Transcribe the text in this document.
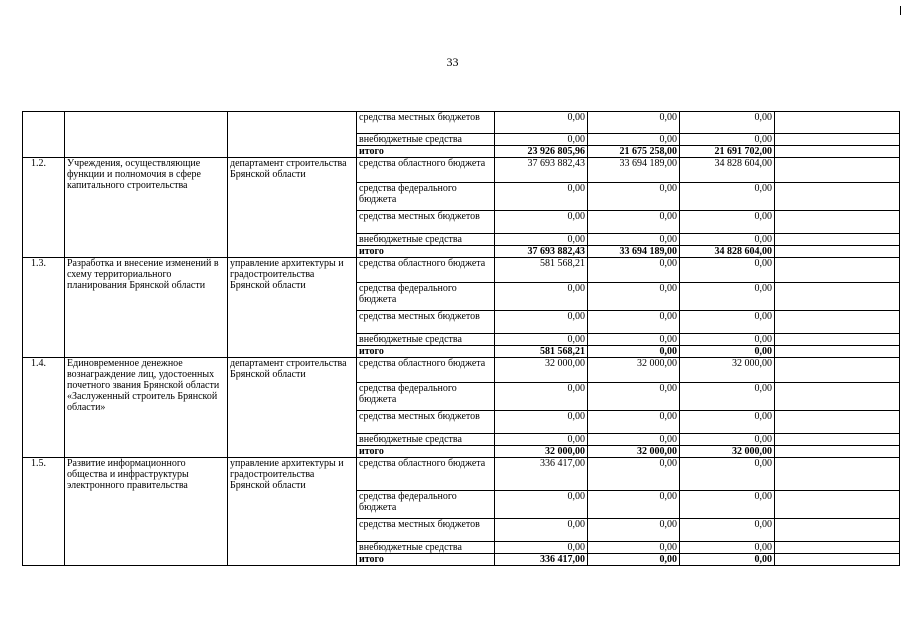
33
			средства местных бюджетов	0,00	0,00	0,00	
			внебюджетные средства	0,00	0,00	0,00	
			итого	23 926 805,96	21 675 258,00	21 691 702,00	
1.2.	Учреждения, осуществляющие функции и полномочия в сфере капитального строительства	департамент строительства Брянской области	средства областного бюджета	37 693 882,43	33 694 189,00	34 828 604,00	
			средства федерального бюджета	0,00	0,00	0,00	
			средства местных бюджетов	0,00	0,00	0,00	
			внебюджетные средства	0,00	0,00	0,00	
			итого	37 693 882,43	33 694 189,00	34 828 604,00	
1.3.	Разработка и внесение изменений в схему территориального планирования Брянской области	управление архитектуры и градостроительства Брянской области	средства областного бюджета	581 568,21	0,00	0,00	
			средства федерального бюджета	0,00	0,00	0,00	
			средства местных бюджетов	0,00	0,00	0,00	
			внебюджетные средства	0,00	0,00	0,00	
			итого	581 568,21	0,00	0,00	
1.4.	Единовременное денежное вознаграждение лиц, удостоенных почетного звания Брянской области «Заслуженный строитель Брянской области»	департамент строительства Брянской области	средства областного бюджета	32 000,00	32 000,00	32 000,00	
			средства федерального бюджета	0,00	0,00	0,00	
			средства местных бюджетов	0,00	0,00	0,00	
			внебюджетные средства	0,00	0,00	0,00	
			итого	32 000,00	32 000,00	32 000,00	
1.5.	Развитие информационного общества и инфраструктуры электронного правительства	управление архитектуры и градостроительства Брянской области	средства областного бюджета	336 417,00	0,00	0,00	
			средства федерального бюджета	0,00	0,00	0,00	
			средства местных бюджетов	0,00	0,00	0,00	
			внебюджетные средства	0,00	0,00	0,00	
			итого	336 417,00	0,00	0,00	
